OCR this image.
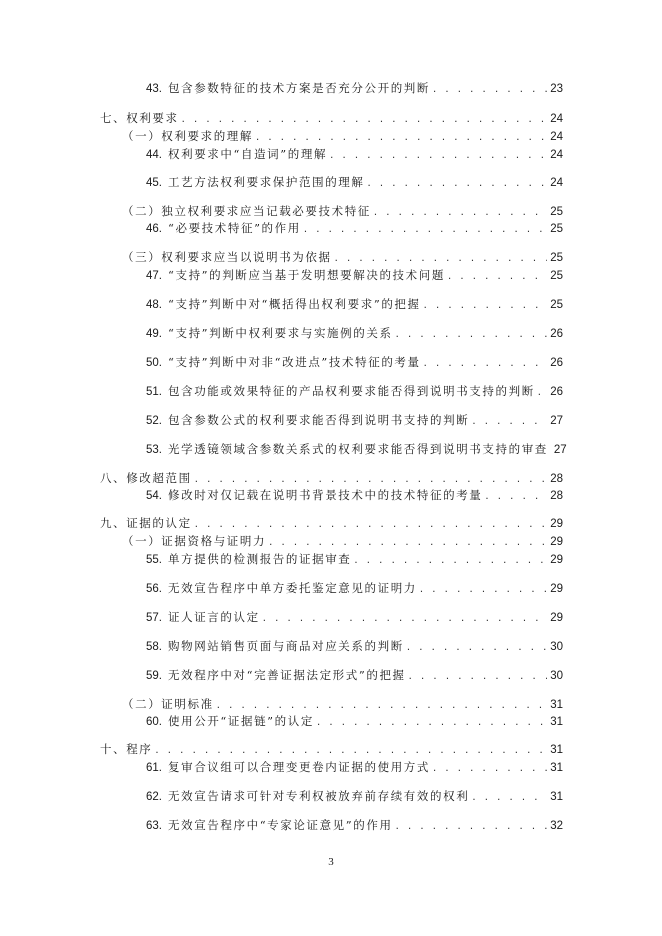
43. 包含参数特征的技术方案是否充分公开的判断 . . .	23
七、权利要求 . . .	24
（一）权利要求的理解 . . .	24
44. 权利要求中“自造词”的理解 . . .	24
45. 工艺方法权利要求保护范围的理解 . . .	24
（二）独立权利要求应当记载必要技术特征 . . .	25
46. “必要技术特征”的作用 . . .	25
（三）权利要求应当以说明书为依据 . . .	25
47. “支持”的判断应当基于发明想要解决的技术问题 . . .	25
48. “支持”判断中对“概括得出权利要求”的把握 . . .	25
49. “支持”判断中权利要求与实施例的关系 . . .	26
50. “支持”判断中对非“改进点”技术特征的考量 . . .	26
51. 包含功能或效果特征的产品权利要求能否得到说明书支持的判断 . . . 26
52. 包含参数公式的权利要求能否得到说明书支持的判断 . . .	27
53. 光学透镜领域含参数关系式的权利要求能否得到说明书支持的审查 27
八、修改超范围 . . .	28
54. 修改时对仅记载在说明书背景技术中的技术特征的考量 . . .	28
九、证据的认定 . . .	29
（一）证据资格与证明力 . . .	29
55. 单方提供的检测报告的证据审查 . . .	29
56. 无效宣告程序中单方委托鉴定意见的证明力 . . .	29
57. 证人证言的认定 . . .	29
58. 购物网站销售页面与商品对应关系的判断 . . .	30
59. 无效程序中对“完善证据法定形式”的把握 . . .	30
（二）证明标准 . . .	31
60. 使用公开“证据链”的认定 . . .	31
十、程序 . . .	31
61. 复审合议组可以合理变更卷内证据的使用方式 . . .	31
62. 无效宣告请求可针对专利权被放弃前存续有效的权利 . . .	31
63. 无效宣告程序中“专家论证意见”的作用 . . .	32
3
